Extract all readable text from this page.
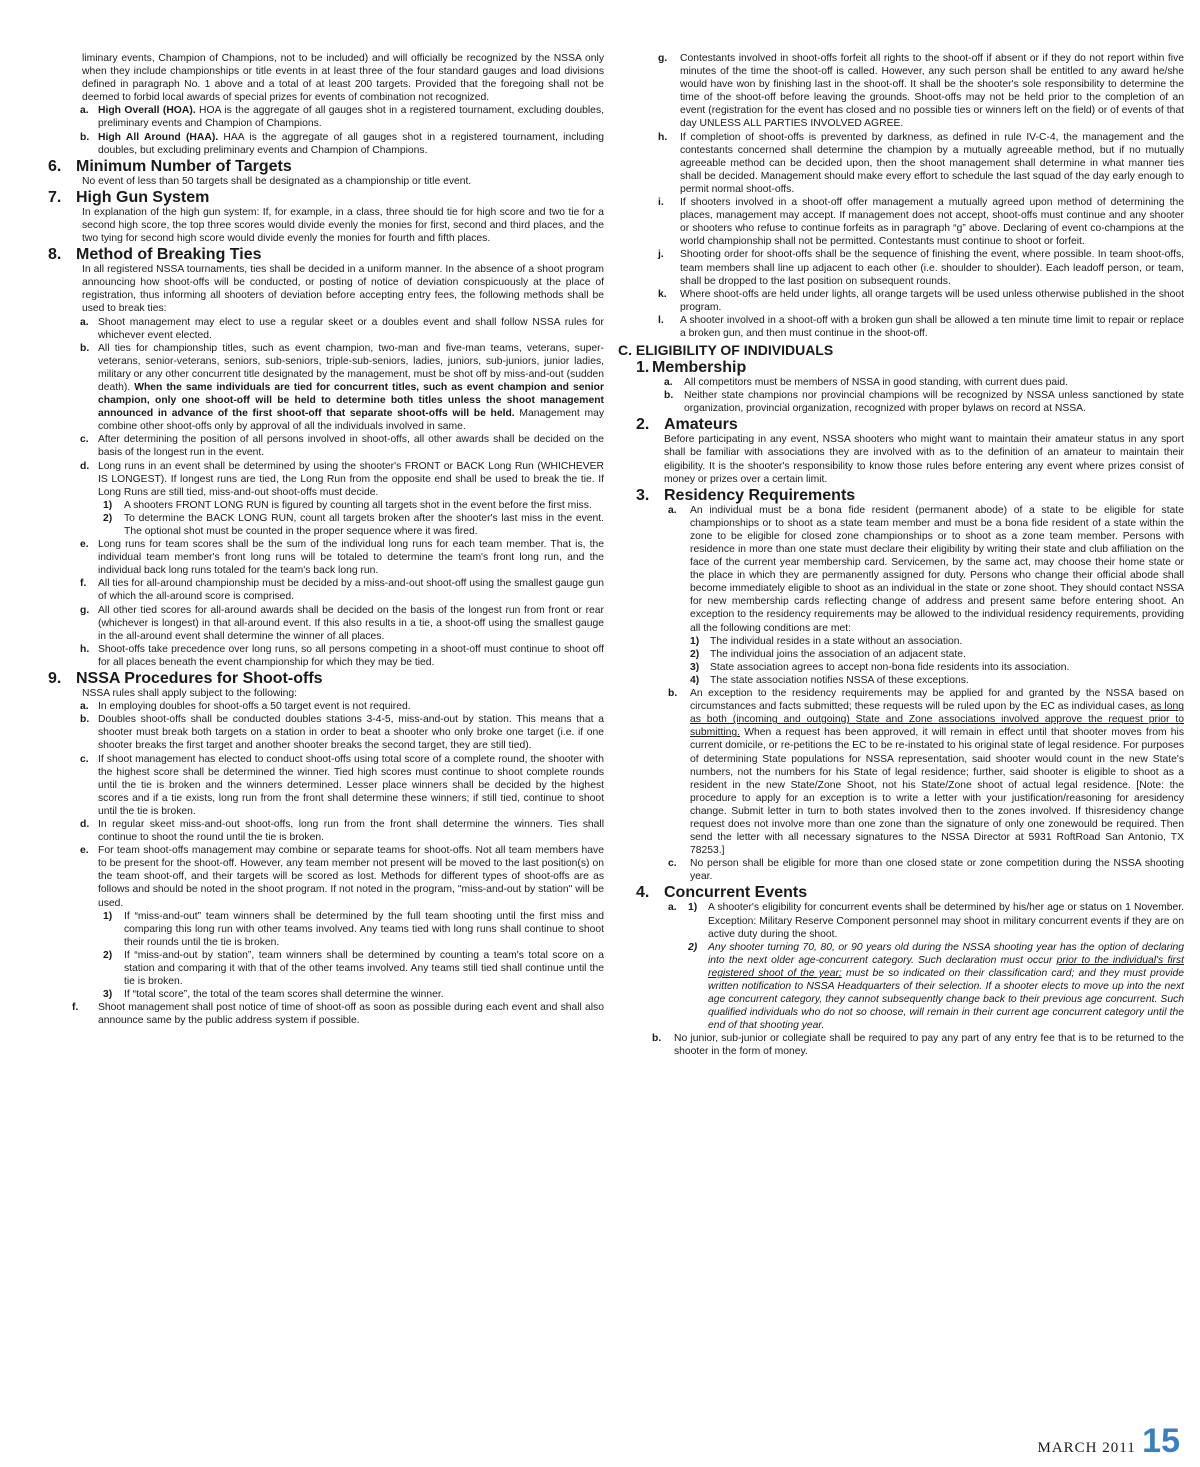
liminary events, Champion of Champions, not to be included) and will officially be recognized by the NSSA only when they include championships or title events in at least three of the four standard gauges and load divisions defined in paragraph No. 1 above and a total of at least 200 targets. Provided that the foregoing shall not be deemed to forbid local awards of special prizes for events of combination not recognized.

a. High Overall (HOA). HOA is the aggregate of all gauges shot in a registered tournament, excluding doubles, preliminary events and Champion of Champions.
b. High All Around (HAA). HAA is the aggregate of all gauges shot in a registered tournament, including doubles, but excluding preliminary events and Champion of Champions.
6. Minimum Number of Targets

No event of less than 50 targets shall be designated as a championship or title event.

7. High Gun System

In explanation of the high gun system: If, for example, in a class, three should tie for high score and two tie for a second high score, the top three scores would divide evenly the monies for first, second and third places, and the two tying for second high score would divide evenly the monies for fourth and fifth places.

8. Method of Breaking Ties

In all registered NSSA tournaments, ties shall be decided in a uniform manner. In the absence of a shoot program announcing how shoot-offs will be conducted, or posting of notice of deviation conspicuously at the place of registration, thus informing all shooters of deviation before accepting entry fees, the following methods shall be used to break ties:

a. Shoot management may elect to use a regular skeet or a doubles event and shall follow NSSA rules for whichever event elected.
b. All ties for championship titles, such as event champion, two-man and five-man teams, veterans, super-veterans, senior-veterans, seniors, sub-seniors, triple-sub-seniors, ladies, juniors, sub-juniors, junior ladies, military or any other concurrent title designated by the management, must be shot off by miss-and-out (sudden death). When the same individuals are tied for concurrent titles, such as event champion and senior champion, only one shoot-off will be held to determine both titles unless the shoot management announced in advance of the first shoot-off that separate shoot-offs will be held. Management may combine other shoot-offs only by approval of all the individuals involved in same.
c. After determining the position of all persons involved in shoot-offs, all other awards shall be decided on the basis of the longest run in the event.
d. Long runs in an event shall be determined by using the shooter's FRONT or BACK Long Run (WHICHEVER IS LONGEST). If longest runs are tied, the Long Run from the opposite end shall be used to break the tie. If Long Runs are still tied, miss-and-out shoot-offs must decide.
1) A shooters FRONT LONG RUN is figured by counting all targets shot in the event before the first miss.
2) To determine the BACK LONG RUN, count all targets broken after the shooter's last miss in the event. The optional shot must be counted in the proper sequence where it was fired.
e. Long runs for team scores shall be the sum of the individual long runs for each team member. That is, the individual team member's front long runs will be totaled to determine the team's front long run, and the individual back long runs totaled for the team's back long run.
f. All ties for all-around championship must be decided by a miss-and-out shoot-off using the smallest gauge gun of which the all-around score is comprised.
g. All other tied scores for all-around awards shall be decided on the basis of the longest run from front or rear (whichever is longest) in that all-around event. If this also results in a tie, a shoot-off using the smallest gauge in the all-around event shall determine the winner of all places.
h. Shoot-offs take precedence over long runs, so all persons competing in a shoot-off must continue to shoot off for all places beneath the event championship for which they may be tied.
9. NSSA Procedures for Shoot-offs

NSSA rules shall apply subject to the following:

a. In employing doubles for shoot-offs a 50 target event is not required.
b. Doubles shoot-offs shall be conducted doubles stations 3-4-5, miss-and-out by station. This means that a shooter must break both targets on a station in order to beat a shooter who only broke one target (i.e. if one shooter breaks the first target and another shooter breaks the second target, they are still tied).
c. If shoot management has elected to conduct shoot-offs using total score of a complete round, the shooter with the highest score shall be determined the winner. Tied high scores must continue to shoot complete rounds until the tie is broken and the winners determined. Lesser place winners shall be decided by the highest scores and if a tie exists, long run from the front shall determine these winners; if still tied, continue to shoot until the tie is broken.
d. In regular skeet miss-and-out shoot-offs, long run from the front shall determine the winners. Ties shall continue to shoot the round until the tie is broken.
e. For team shoot-offs management may combine or separate teams for shoot-offs. Not all team members have to be present for the shoot-off. However, any team member not present will be moved to the last position(s) on the team shoot-off, and their targets will be scored as lost. Methods for different types of shoot-offs are as follows and should be noted in the shoot program. If not noted in the program, "miss-and-out by station" will be used.
1) If “miss-and-out” team winners shall be determined by the full team shooting until the first miss and comparing this long run with other teams involved. Any teams tied with long runs shall continue to shoot their rounds until the tie is broken.
2) If “miss-and-out by station”, team winners shall be determined by counting a team's total score on a station and comparing it with that of the other teams involved. Any teams still tied shall continue until the tie is broken.
3) If “total score”, the total of the team scores shall determine the winner.
f. Shoot management shall post notice of time of shoot-off as soon as possible during each event and shall also announce same by the public address system if possible.
g. Contestants involved in shoot-offs forfeit all rights to the shoot-off if absent or if they do not report within five minutes of the time the shoot-off is called. However, any such person shall be entitled to any award he/she would have won by finishing last in the shoot-off. It shall be the shooter's sole responsibility to determine the time of the shoot-off before leaving the grounds. Shoot-offs may not be held prior to the completion of an event (registration for the event has closed and no possible ties or winners left on the field) or of events of that day UNLESS ALL PARTIES INVOLVED AGREE.
h. If completion of shoot-offs is prevented by darkness, as defined in rule IV-C-4, the management and the contestants concerned shall determine the champion by a mutually agreeable method, but if no mutually agreeable method can be decided upon, then the shoot management shall determine in what manner ties shall be decided. Management should make every effort to schedule the last squad of the day early enough to permit normal shoot-offs.
i. If shooters involved in a shoot-off offer management a mutually agreed upon method of determining the places, management may accept. If management does not accept, shoot-offs must continue and any shooter or shooters who refuse to continue forfeits as in paragraph “g” above. Declaring of event co-champions at the world championship shall not be permitted. Contestants must continue to shoot or forfeit.
j. Shooting order for shoot-offs shall be the sequence of finishing the event, where possible. In team shoot-offs, team members shall line up adjacent to each other (i.e. shoulder to shoulder). Each leadoff person, or team, shall be dropped to the last position on subsequent rounds.
k. Where shoot-offs are held under lights, all orange targets will be used unless otherwise published in the shoot program.
l. A shooter involved in a shoot-off with a broken gun shall be allowed a ten minute time limit to repair or replace a broken gun, and then must continue in the shoot-off.
C. ELIGIBILITY OF INDIVIDUALS
1. Membership
a. All competitors must be members of NSSA in good standing, with current dues paid.
b. Neither state champions nor provincial champions will be recognized by NSSA unless sanctioned by state organization, provincial organization, recognized with proper bylaws on record at NSSA.
2. Amateurs

Before participating in any event, NSSA shooters who might want to maintain their amateur status in any sport shall be familiar with associations they are involved with as to the definition of an amateur to maintain their eligibility. It is the shooter's responsibility to know those rules before entering any event where prizes consist of money or prizes over a certain limit.

3. Residency Requirements
a. An individual must be a bona fide resident (permanent abode) of a state to be eligible for state championships or to shoot as a state team member and must be a bona fide resident of a state within the zone to be eligible for closed zone championships or to shoot as a zone team member. Persons with residence in more than one state must declare their eligibility by writing their state and club affiliation on the face of the current year membership card. Servicemen, by the same act, may choose their home state or the place in which they are permanently assigned for duty. Persons who change their official abode shall become immediately eligible to shoot as an individual in the state or zone shoot. They should contact NSSA for new membership cards reflecting change of address and present same before entering shoot. An exception to the residency requirements may be allowed to the individual residency requirements, providing all the following conditions are met:
1) The individual resides in a state without an association.
2) The individual joins the association of an adjacent state.
3) State association agrees to accept non-bona fide residents into its association.
4) The state association notifies NSSA of these exceptions.
b. An exception to the residency requirements may be applied for and granted by the NSSA based on circumstances and facts submitted; these requests will be ruled upon by the EC as individual cases, as long as both (incoming and outgoing) State and Zone associations involved approve the request prior to submitting. When a request has been approved, it will remain in effect until that shooter moves from his current domicile, or re-petitions the EC to be re-instated to his original state of legal residence. For purposes of determining State populations for NSSA representation, said shooter would count in the new State's numbers, not the numbers for his State of legal residence; further, said shooter is eligible to shoot as a resident in the new State/Zone Shoot, not his State/Zone shoot of actual legal residence. [Note: the procedure to apply for an exception is to write a letter with your justification/reasoning for aresidency change. Submit letter in turn to both states involved then to the zones involved. If thisresidency change request does not involve more than one zone than the signature of only one zonewould be required. Then send the letter with all necessary signatures to the NSSA Director at 5931 RoftRoad San Antonio, TX 78253.]
c. No person shall be eligible for more than one closed state or zone competition during the NSSA shooting year.
4. Concurrent Events
a. 1) A shooter's eligibility for concurrent events shall be determined by his/her age or status on 1 November. Exception: Military Reserve Component personnel may shoot in military concurrent events if they are on active duty during the shoot.
2) Any shooter turning 70, 80, or 90 years old during the NSSA shooting year has the option of declaring into the next older age-concurrent category. Such declaration must occur prior to the individual's first registered shoot of the year; must be so indicated on their classification card; and they must provide written notification to NSSA Headquarters of their selection. If a shooter elects to move up into the next age concurrent category, they cannot subsequently change back to their previous age concurrent. Such qualified individuals who do not so choose, will remain in their current age concurrent category until the end of that shooting year.
b. No junior, sub-junior or collegiate shall be required to pay any part of any entry fee that is to be returned to the shooter in the form of money.
MARCH 2011 15
